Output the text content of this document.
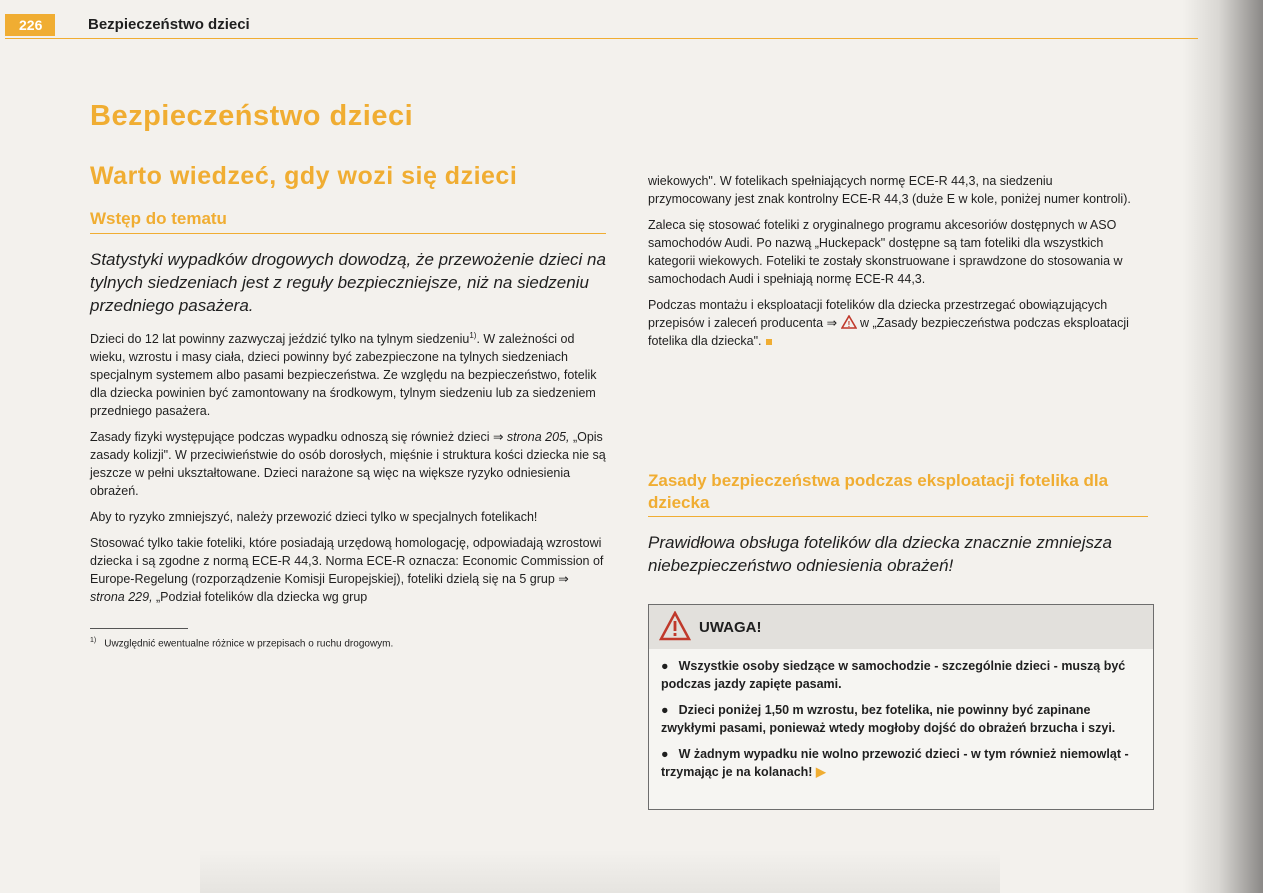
226	Bezpieczeństwo dzieci
Bezpieczeństwo dzieci
Warto wiedzeć, gdy wozi się dzieci
Wstęp do tematu

Statystyki wypadków drogowych dowodzą, że przewożenie dzieci na tylnych siedzeniach jest z reguły bezpieczniejsze, niż na siedzeniu przedniego pasażera.

Dzieci do 12 lat powinny zazwyczaj jeździć tylko na tylnym siedzeniu$^{1)}$. W zależności od wieku, wzrostu i masy ciała, dzieci powinny być zabezpieczone na tylnych siedzeniach specjalnym systemem albo pasami bezpieczeństwa. Ze względu na bezpieczeństwo, fotelik dla dziecka powinien być zamontowany na środkowym, tylnym siedzeniu lub za siedzeniem przedniego pasażera.

Zasady fizyki występujące podczas wypadku odnoszą się również dzieci ⇒ strona 205, „Opis zasady kolizji". W przeciwieństwie do osób dorosłych, mięśnie i struktura kości dziecka nie są jeszcze w pełni ukształtowane. Dzieci narażone są więc na większe ryzyko odniesienia obrażeń.

Aby to ryzyko zmniejszyć, należy przewozić dzieci tylko w specjalnych fotelikach!

Stosować tylko takie foteliki, które posiadają urzędową homologację, odpowiadają wzrostowi dziecka i są zgodne z normą ECE-R 44,3. Norma ECE-R oznacza: Economic Commission of Europe-Regelung (rozporządzenie Komisji Europejskiej), foteliki dzielą się na 5 grup ⇒ strona 229, „Podział fotelików dla dziecka wg grup

$^{1)}$ Uwzględnić ewentualne różnice w przepisach o ruchu drogowym.

wiekowych". W fotelikach spełniających normę ECE-R 44,3, na siedzeniu przymocowany jest znak kontrolny ECE-R 44,3 (duże E w kole, poniżej numer kontroli).

Zaleca się stosować foteliki z oryginalnego programu akcesoriów dostępnych w ASO samochodów Audi. Po nazwą „Huckepack" dostępne są tam foteliki dla wszystkich kategorii wiekowych. Foteliki te zostały skonstruowane i sprawdzone do stosowania w samochodach Audi i spełniają normę ECE-R 44,3.

Podczas montażu i eksploatacji fotelików dla dziecka przestrzegać obowiązujących przepisów i zaleceń producenta ⇒ ! w „Zasady bezpieczeństwa podczas eksploatacji fotelika dla dziecka".

Zasady bezpieczeństwa podczas eksploatacji fotelika dla dziecka

Prawidłowa obsługa fotelików dla dziecka znacznie zmniejsza niebezpieczeństwo odniesienia obrażeń!

UWAGA!

● Wszystkie osoby siedzące w samochodzie - szczególnie dzieci - muszą być podczas jazdy zapięte pasami.

● Dzieci poniżej 1,50 m wzrostu, bez fotelika, nie powinny być zapinane zwykłymi pasami, ponieważ wtedy mogłoby dojść do obrażeń brzucha i szyi.

● W żadnym wypadku nie wolno przewozić dzieci - w tym również niemowląt - trzymając je na kolanach! ▶
